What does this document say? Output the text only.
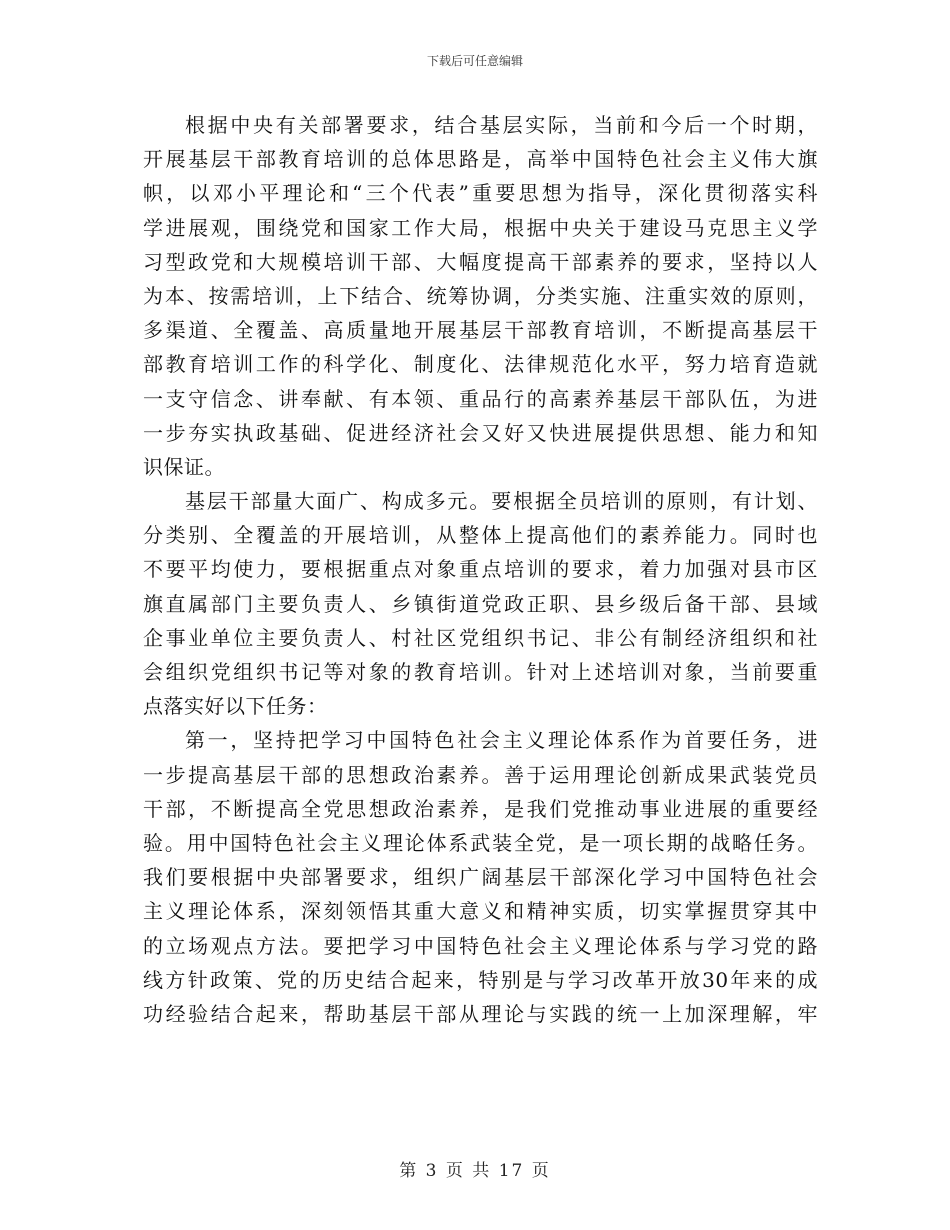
下载后可任意编辑
根据中央有关部署要求，结合基层实际，当前和今后一个时期，
开展基层干部教育培训的总体思路是，高举中国特色社会主义伟大旗
帜，以邓小平理论和“三个代表”重要思想为指导，深化贯彻落实科
学进展观，围绕党和国家工作大局，根据中央关于建设马克思主义学
习型政党和大规模培训干部、大幅度提高干部素养的要求，坚持以人
为本、按需培训，上下结合、统筹协调，分类实施、注重实效的原则，
多渠道、全覆盖、高质量地开展基层干部教育培训，不断提高基层干
部教育培训工作的科学化、制度化、法律规范化水平，努力培育造就
一支守信念、讲奉献、有本领、重品行的高素养基层干部队伍，为进
一步夯实执政基础、促进经济社会又好又快进展提供思想、能力和知
识保证。
基层干部量大面广、构成多元。要根据全员培训的原则，有计划、
分类别、全覆盖的开展培训，从整体上提高他们的素养能力。同时也
不要平均使力，要根据重点对象重点培训的要求，着力加强对县市区
旗直属部门主要负责人、乡镇街道党政正职、县乡级后备干部、县域
企事业单位主要负责人、村社区党组织书记、非公有制经济组织和社
会组织党组织书记等对象的教育培训。针对上述培训对象，当前要重
点落实好以下任务：
第一，坚持把学习中国特色社会主义理论体系作为首要任务，进
一步提高基层干部的思想政治素养。善于运用理论创新成果武装党员
干部，不断提高全党思想政治素养，是我们党推动事业进展的重要经
验。用中国特色社会主义理论体系武装全党，是一项长期的战略任务。
我们要根据中央部署要求，组织广阔基层干部深化学习中国特色社会
主义理论体系，深刻领悟其重大意义和精神实质，切实掌握贯穿其中
的立场观点方法。要把学习中国特色社会主义理论体系与学习党的路
线方针政策、党的历史结合起来，特别是与学习改革开放30年来的成
功经验结合起来，帮助基层干部从理论与实践的统一上加深理解，牢
第 3 页 共 17 页
